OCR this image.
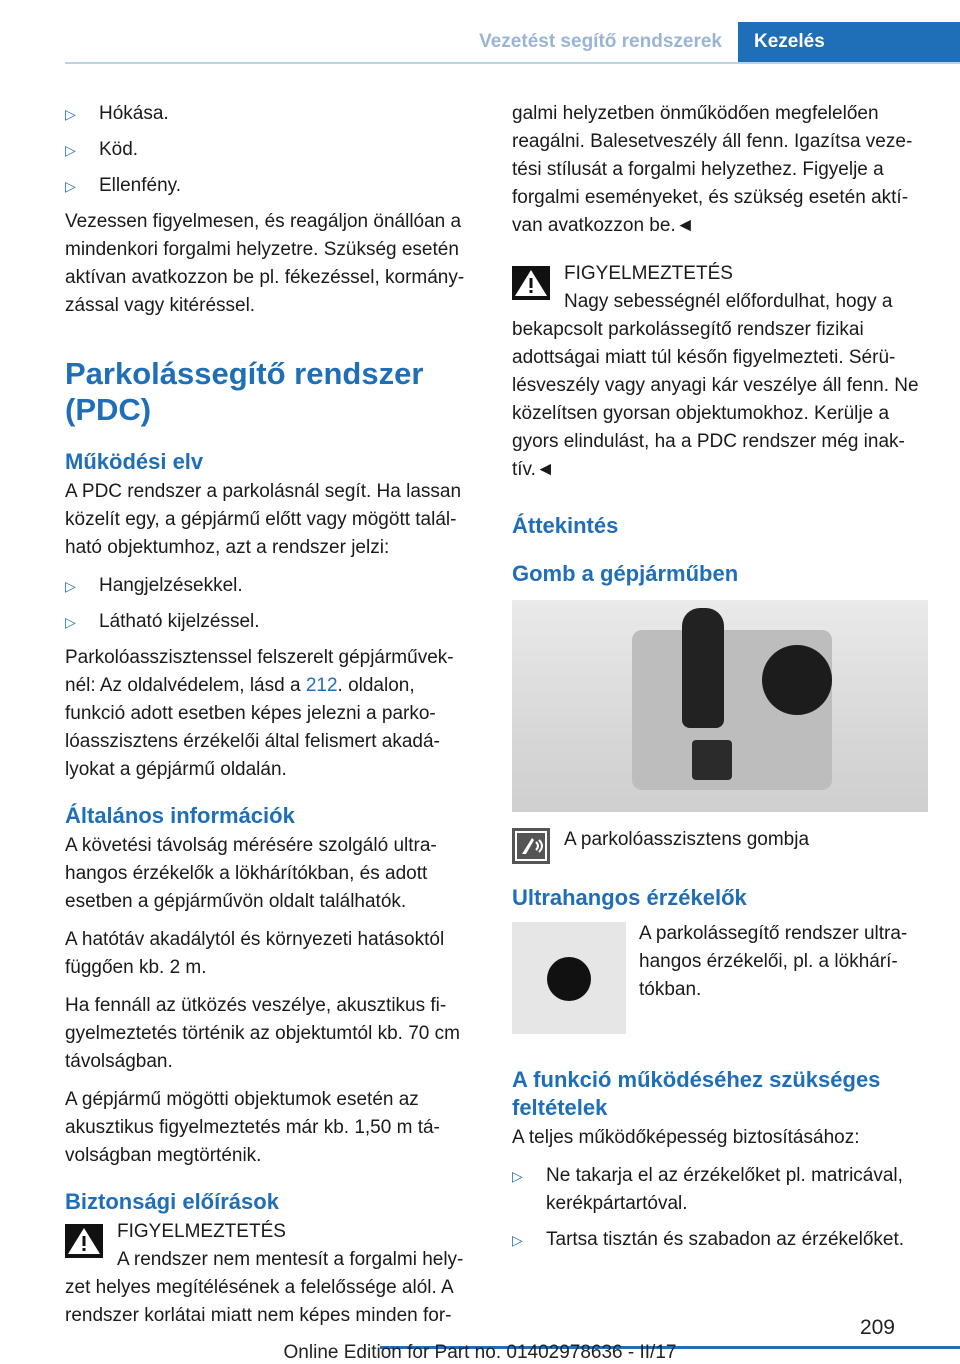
Vezetést segítő rendszerek	Kezelés
▷ Hókása.
▷ Köd.
▷ Ellenfény.

Vezessen figyelmesen, és reagáljon önállóan a mindenkori forgalmi helyzetre. Szükség esetén aktívan avatkozzon be pl. fékezéssel, kormány-zással vagy kitéréssel.

Parkolássegítő rendszer (PDC)
Működési elv

A PDC rendszer a parkolásnál segít. Ha lassan közelít egy, a gépjármű előtt vagy mögött talál-ható objektumhoz, azt a rendszer jelzi:

▷ Hangjelzésekkel.
▷ Látható kijelzéssel.

Parkolóasszisztenssel felszerelt gépjárművek-nél: Az oldalvédelem, lásd a 212. oldalon, funkció adott esetben képes jelezni a parko-lóasszisztens érzékelői által felismert akadá-lyokat a gépjármű oldalán.

Általános információk

A követési távolság mérésére szolgáló ultra-hangos érzékelők a lökhárítókban, és adott esetben a gépjárművön oldalt találhatók.

A hatótáv akadálytól és környezeti hatásoktól függően kb. 2 m.

Ha fennáll az ütközés veszélye, akusztikus fi-gyelmeztetés történik az objektumtól kb. 70 cm távolságban.

A gépjármű mögötti objektumok esetén az akusztikus figyelmeztetés már kb. 1,50 m tá-volságban megtörténik.

Biztonsági előírások
FIGYELMEZTETÉS
A rendszer nem mentesít a forgalmi hely-

zet helyes megítélésének a felelőssége alól. A rendszer korlátai miatt nem képes minden for-

galmi helyzetben önműködően megfelelően reagálni. Balesetveszély áll fenn. Igazítsa veze-tési stílusát a forgalmi helyzethez. Figyelje a forgalmi eseményeket, és szükség esetén aktí-van avatkozzon be.◄

FIGYELMEZTETÉS
Nagy sebességnél előfordulhat, hogy a

bekapcsolt parkolássegítő rendszer fizikai adottságai miatt túl későn figyelmezteti. Sérü-lésveszély vagy anyagi kár veszélye áll fenn. Ne közelítsen gyorsan objektumokhoz. Kerülje a gyors elindulást, ha a PDC rendszer még inak-tív.◄

Áttekintés
Gomb a gépjárműben
A parkolóasszisztens gombja
Ultrahangos érzékelők
A parkolássegítő rendszer ultra-hangos érzékelői, pl. a lökhárí-tókban.
A funkció működéséhez szükséges feltételek

A teljes működőképesség biztosításához:

▷ Ne takarja el az érzékelőket pl. matricával, kerékpártartóval.
▷ Tartsa tisztán és szabadon az érzékelőket.
209
Online Edition for Part no. 01402978636 - II/17
